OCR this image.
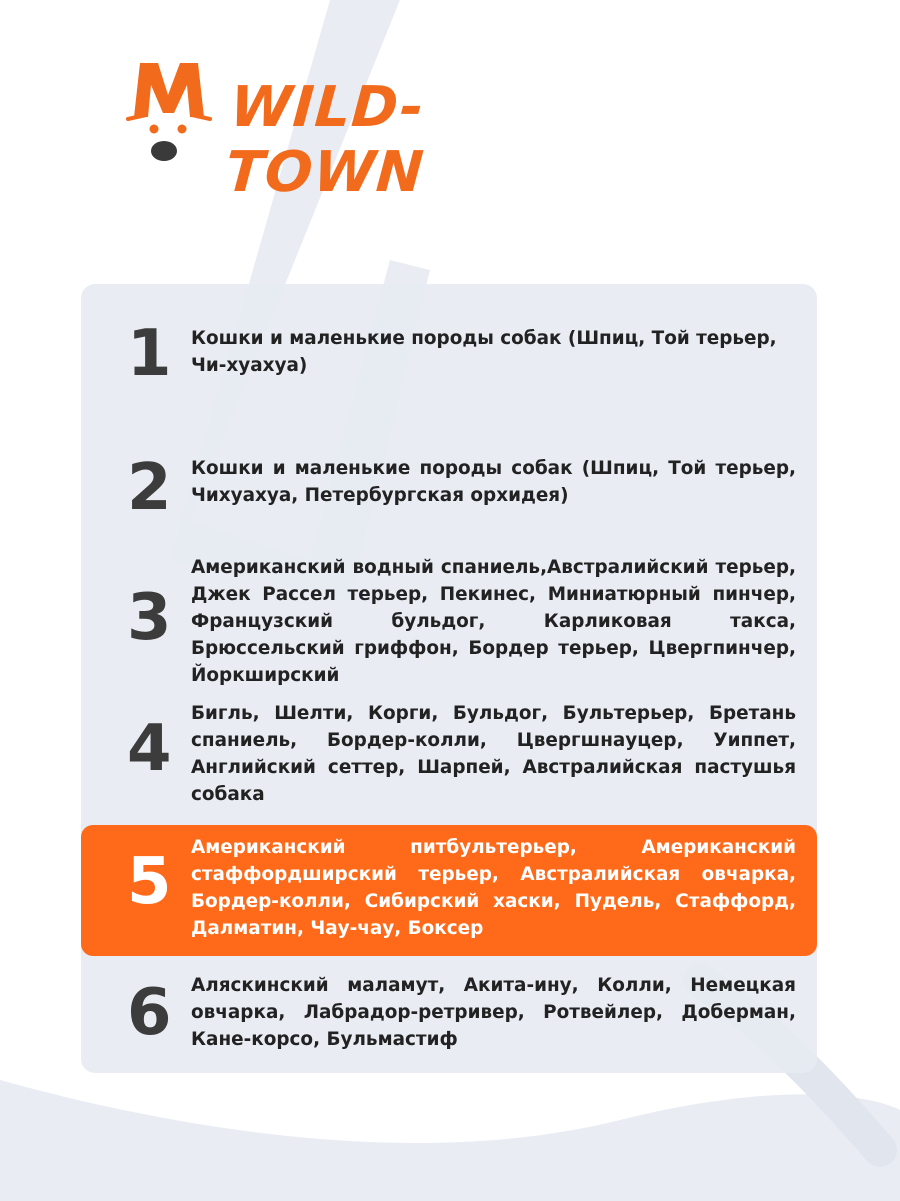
WILD-TOWN
1 Кошки и маленькие породы собак (Шпиц, Той терьер, Чи-хуахуа)
2 Кошки и маленькие породы собак (Шпиц, Той терьер, Чихуахуа, Петербургская орхидея)
3
Американский водный спаниель,Австралийский терьер, Джек Рассел терьер, Пекинес, Миниатюрный пинчер, Французский бульдог, Карликовая такса, Брюссельский гриффон, Бордер терьер, Цвергпинчер, Йоркширский
4 Бигль, Шелти, Корги, Бульдог, Бультерьер, Бретань спаниель, Бордер-колли, Цвергшнауцер, Уиппет, Английский сеттер, Шарпей, Австралийская пастушья собака
5 Американский питбультерьер, Американский стаффордширский терьер, Австралийская овчарка, Бордер-колли, Сибирский хаски, Пудель, Стаффорд, Далматин, Чау-чау, Боксер
6 Аляскинский маламут, Акита-ину, Колли, Немецкая овчарка, Лабрадор-ретривер, Ротвейлер, Доберман, Кане-корсо, Бульмастиф
